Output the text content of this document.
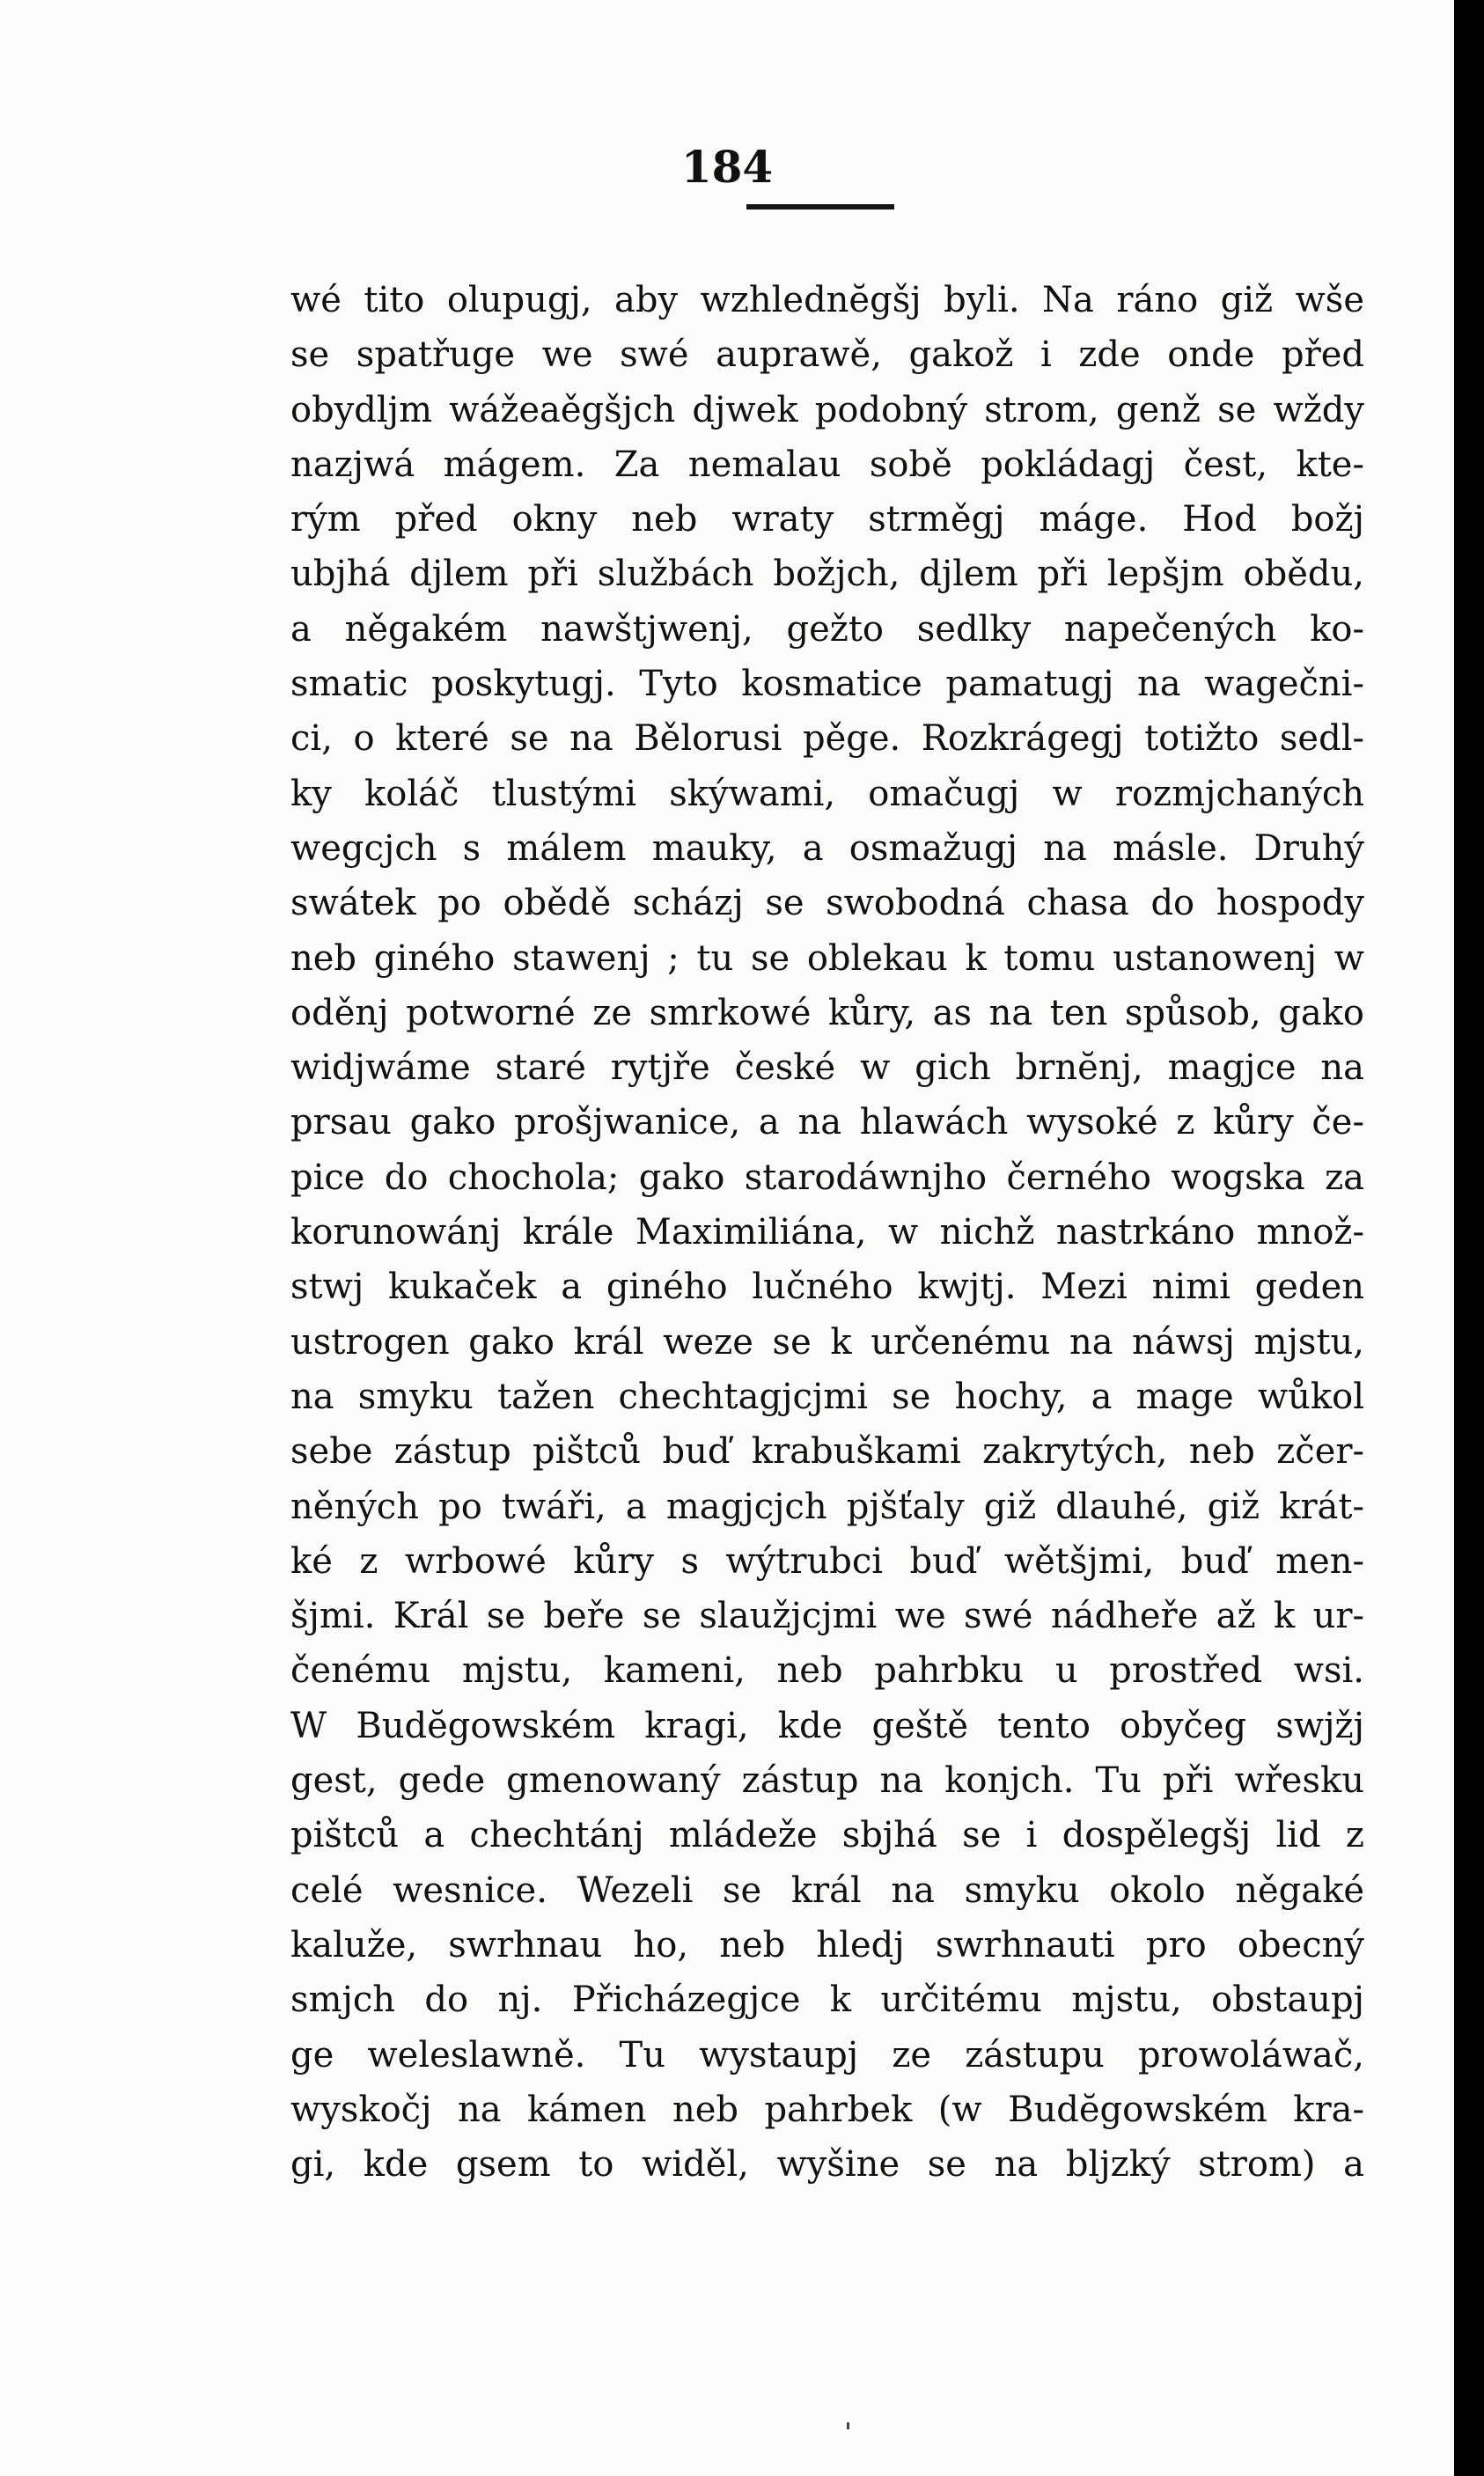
184
wé tito olupugj, aby wzhlednĕgšj byli. Na ráno giž wše
se spatřuge we swé auprawě, gakož i zde onde před
obydljm wážeaěgšjch djwek podobný strom, genž se wždy
nazjwá mágem. Za nemalau sobě pokládagj čest, kte-
rým před okny neb wraty strměgj máge. Hod božj
ubjhá djlem při službách božjch, djlem při lepšjm obědu,
a něgakém nawštjwenj, gežto sedlky napečených ko-
smatic poskytugj. Tyto kosmatice pamatugj na wagečni-
ci, o které se na Bělorusi pěge. Rozkrágegj totižto sedl-
ky koláč tlustými skýwami, omačugj w rozmjchaných
wegcjch s málem mauky, a osmažugj na másle. Druhý
swátek po obědě scházj se swobodná chasa do hospody
neb giného stawenj ; tu se oblekau k tomu ustanowenj w
oděnj potworné ze smrkowé kůry, as na ten spůsob, gako
widjwáme staré rytjře české w gich brnĕnj, magjce na
prsau gako prošjwanice, a na hlawách wysoké z kůry če-
pice do chochola; gako starodáwnjho černého wogska za
korunowánj krále Maximiliána, w nichž nastrkáno množ-
stwj kukaček a giného lučného kwjtj. Mezi nimi geden
ustrogen gako král weze se k určenému na náwsj mjstu,
na smyku tažen chechtagjcjmi se hochy, a mage wůkol
sebe zástup pištců buď krabuškami zakrytých, neb zčer-
něných po twáři, a magjcjch pjšťaly giž dlauhé, giž krát-
ké z wrbowé kůry s wýtrubci buď wětšjmi, buď men-
šjmi. Král se beře se slaužjcjmi we swé nádheře až k ur-
čenému mjstu, kameni, neb pahrbku u prostřed wsi.
W Budĕgowském kragi, kde geště tento obyčeg swjžj
gest, gede gmenowaný zástup na konjch. Tu při wřesku
pištců a chechtánj mládeže sbjhá se i dospělegšj lid z
celé wesnice. Wezeli se král na smyku okolo něgaké
kaluže, swrhnau ho, neb hledj swrhnauti pro obecný
smjch do nj. Přicházegjce k určitému mjstu, obstaupj
ge weleslawně. Tu wystaupj ze zástupu prowoláwač,
wyskočj na kámen neb pahrbek (w Budĕgowském kra-
gi, kde gsem to widěl, wyšine se na bljzký strom) a
